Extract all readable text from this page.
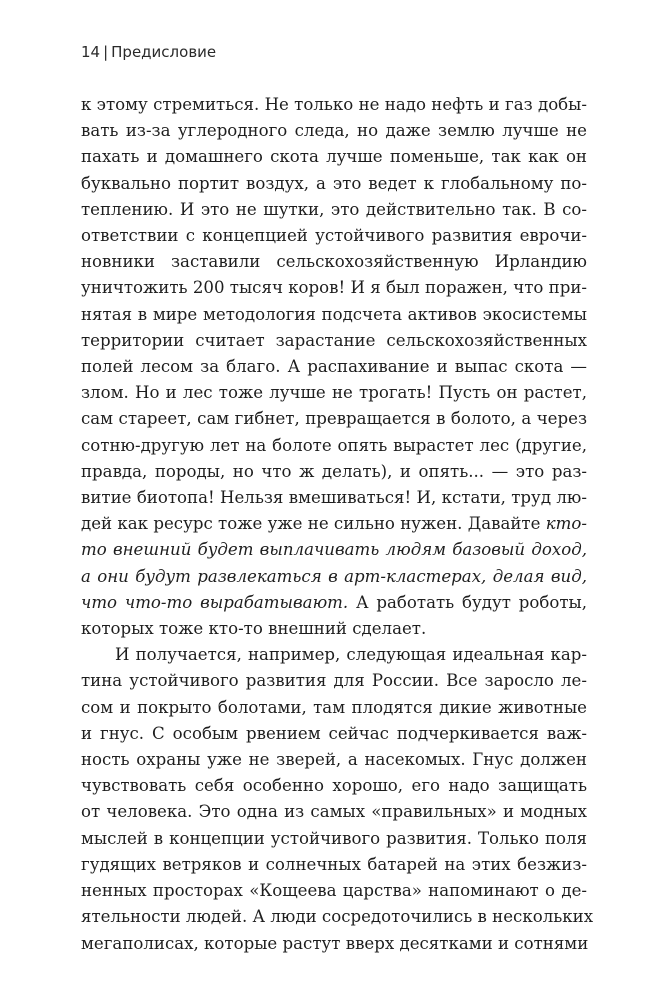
14 | Предисловие
к этому стремиться. Не только не надо нефть и газ добы-
вать из-за углеродного следа, но даже землю лучше не
пахать и домашнего скота лучше поменьше, так как он
буквально портит воздух, а это ведет к глобальному по-
теплению. И это не шутки, это действительно так. В со-
ответствии с концепцией устойчивого развития еврочи-
новники заставили сельскохозяйственную Ирландию
уничтожить 200 тысяч коров! И я был поражен, что при-
нятая в мире методология подсчета активов экосистемы
территории считает зарастание сельскохозяйственных
полей лесом за благо. А распахивание и выпас скота —
злом. Но и лес тоже лучше не трогать! Пусть он растет,
сам стареет, сам гибнет, превращается в болото, а через
сотню-другую лет на болоте опять вырастет лес (другие,
правда, породы, но что ж делать), и опять... — это раз-
витие биотопа! Нельзя вмешиваться! И, кстати, труд лю-
дей как ресурс тоже уже не сильно нужен. Давайте кто-
то внешний будет выплачивать людям базовый доход,
а они будут развлекаться в арт-кластерах, делая вид,
что что-то вырабатывают. А работать будут роботы,
которых тоже кто-то внешний сделает.
И получается, например, следующая идеальная кар-
тина устойчивого развития для России. Все заросло ле-
сом и покрыто болотами, там плодятся дикие животные
и гнус. С особым рвением сейчас подчеркивается важ-
ность охраны уже не зверей, а насекомых. Гнус должен
чувствовать себя особенно хорошо, его надо защищать
от человека. Это одна из самых «правильных» и модных
мыслей в концепции устойчивого развития. Только поля
гудящих ветряков и солнечных батарей на этих безжиз-
ненных просторах «Кощеева царства» напоминают о де-
ятельности людей. А люди сосредоточились в нескольких
мегаполисах, которые растут вверх десятками и сотнями
